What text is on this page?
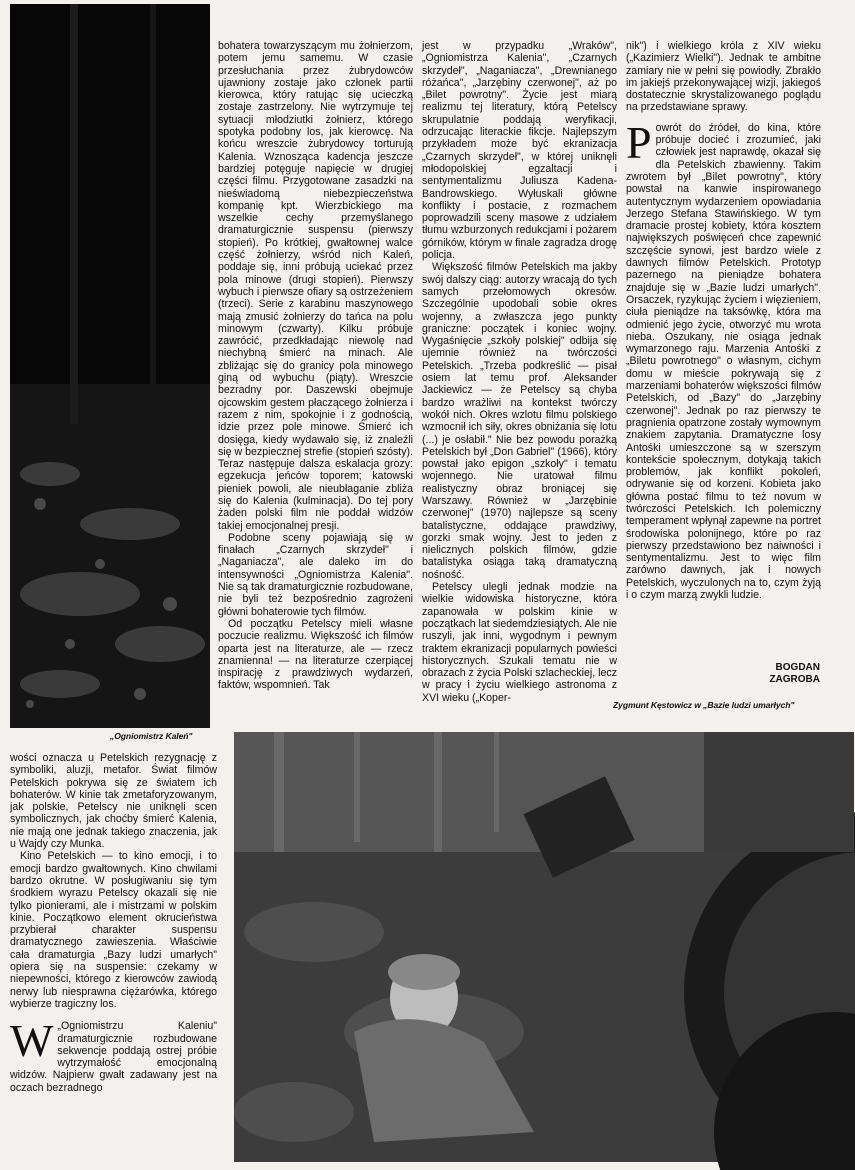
„Ogniomistrz Kaleń"

bohatera towarzyszącym mu żołnierzom, potem jemu samemu. W czasie przesłuchania przez żubrydowców ujawniony zostaje jako członek partii kierowca, który ratując się ucieczką zostaje zastrzelony. Nie wytrzymuje tej sytuacji młodziutki żołnierz, którego spotyka podobny los, jak kierowcę. Na końcu wreszcie żubrydowcy torturują Kalenia. Wznosząca kadencja jeszcze bardziej potęguje napięcie w drugiej części filmu. Przygotowane zasadzki na nieświadomą niebezpieczeństwa kompanię kpt. Wierzbickiego ma wszelkie cechy przemyślanego dramaturgicznie suspensu (pierwszy stopień). Po krótkiej, gwałtownej walce część żołnierzy, wśród nich Kaleń, poddaje się, inni próbują uciekać przez pola minowe (drugi stopień). Pierwszy wybuch i pierwsze ofiary są ostrzeżeniem (trzeci). Serie z karabinu maszynowego mają zmusić żołnierzy do tańca na polu minowym (czwarty). Kilku próbuje zawrócić, przedkładając niewolę nad niechybną śmierć na minach. Ale zbliżając się do granicy pola minowego giną od wybuchu (piąty). Wreszcie bezradny por. Daszewski obejmuje ojcowskim gestem płaczącego żołnierza i razem z nim, spokojnie i z godnością, idzie przez pole minowe. Śmierć ich dosięga, kiedy wydawało się, iż znaleźli się w bezpiecznej strefie (stopień szósty). Teraz następuje dalsza eskalacja grozy: egzekucja jeńców toporem; katowski pieniek powoli, ale nieubłaganie zbliża się do Kalenia (kulminacja). Do tej pory żaden polski film nie poddał widzów takiej emocjonalnej presji.

Podobne sceny pojawiają się w finałach „Czarnych skrzydeł" i „Naganiacza", ale daleko im do intensywności „Ogniomistrza Kalenia". Nie są tak dramaturgicznie rozbudowane, nie byli też bezpośrednio zagrożeni główni bohaterowie tych filmów.

Od początku Petelscy mieli własne poczucie realizmu. Większość ich filmów oparta jest na literaturze, ale — rzecz znamienna! — na literaturze czerpiącej inspirację z prawdziwych wydarzeń, faktów, wspomnień. Tak

jest w przypadku „Wraków", „Ogniomistrza Kalenia", „Czarnych skrzydeł", „Naganiacza", „Drewnianego różańca", „Jarzębiny czerwonej", aż po „Bilet powrotny". Życie jest miarą realizmu tej literatury, którą Petelscy skrupulatnie poddają weryfikacji, odrzucając literackie fikcje. Najlepszym przykładem może być ekranizacja „Czarnych skrzydeł", w której uniknęli młodopolskiej egzaltacji i sentymentalizmu Juliusza Kadena-Bandrowskiego. Wyłuskali główne konflikty i postacie, z rozmachem poprowadzili sceny masowe z udziałem tłumu wzburzonych redukcjami i pożarem górników, którym w finale zagradza drogę policja.

Większość filmów Petelskich ma jakby swój dalszy ciąg: autorzy wracają do tych samych przełomowych okresów. Szczególnie upodobali sobie okres wojenny, a zwłaszcza jego punkty graniczne: początek i koniec wojny. Wygaśnięcie „szkoły polskiej" odbija się ujemnie również na twórczości Petelskich. „Trzeba podkreślić — pisał osiem lat temu prof. Aleksander Jackiewicz — że Petelscy są chyba bardzo wrażliwi na kontekst twórczy wokół nich. Okres wzlotu filmu polskiego wzmocnił ich siły, okres obniżania się lotu (...) je osłabił." Nie bez powodu porażką Petelskich był „Don Gabriel" (1966), który powstał jako epigon „szkoły" i tematu wojennego. Nie uratował filmu realistyczny obraz broniącej się Warszawy. Również w „Jarzębinie czerwonej" (1970) najlepsze są sceny batalistyczne, oddające prawdziwy, gorzki smak wojny. Jest to jeden z nielicznych polskich filmów, gdzie batalistyka osiąga taką dramatyczną nośność.

Petelscy ulegli jednak modzie na wielkie widowiska historyczne, która zapanowała w polskim kinie w początkach lat siedemdziesiątych. Ale nie ruszyli, jak inni, wygodnym i pewnym traktem ekranizacji popularnych powieści historycznych. Szukali tematu nie w obrazach z życia Polski szlacheckiej, lecz w pracy i życiu wielkiego astronoma z XVI wieku („Koper-

nik") i wielkiego króla z XIV wieku („Kazimierz Wielki"). Jednak te ambitne zamiary nie w pełni się powiodły. Zbrakło im jakiejś przekonywającej wizji, jakiegoś dostatecznie skrystalizowanego poglądu na przedstawiane sprawy.

Powrót do źródeł, do kina, które próbuje docieć i zrozumieć, jaki człowiek jest naprawdę, okazał się dla Petelskich zbawienny. Takim zwrotem był „Bilet powrotny", który powstał na kanwie inspirowanego autentycznym wydarzeniem opowiadania Jerzego Stefana Stawińskiego. W tym dramacie prostej kobiety, która kosztem największych poświęceń chce zapewnić szczęście synowi, jest bardzo wiele z dawnych filmów Petelskich. Prototyp pazernego na pieniądze bohatera znajduje się w „Bazie ludzi umarłych". Orsaczek, ryzykując życiem i więzieniem, ciuła pieniądze na taksówkę, która ma odmienić jego życie, otworzyć mu wrota nieba. Oszukany, nie osiąga jednak wymarzonego raju. Marzenia Antośki z „Biletu powrotnego" o własnym, cichym domu w mieście pokrywają się z marzeniami bohaterów większości filmów Petelskich, od „Bazy" do „Jarzębiny czerwonej". Jednak po raz pierwszy te pragnienia opatrzone zostały wymownym znakiem zapytania. Dramatyczne losy Antośki umieszczone są w szerszym kontekście społecznym, dotykają takich problemów, jak konflikt pokoleń, odrywanie się od korzeni. Kobieta jako główna postać filmu to też novum w twórczości Petelskich. Ich polemiczny temperament wpłynął zapewne na portret środowiska polonijnego, które po raz pierwszy przedstawiono bez naiwności i sentymentalizmu. Jest to więc film zarówno dawnych, jak i nowych Petelskich, wyczulonych na to, czym żyją i o czym marzą zwykli ludzie.

BOGDAN
ZAGROBA
Zygmunt Kęstowicz w „Bazie ludzi umarłych"

wości oznacza u Petelskich rezygnację z symboliki, aluzji, metafor. Świat filmów Petelskich pokrywa się ze światem ich bohaterów. W kinie tak zmetaforyzowanym, jak polskie, Petelscy nie uniknęli scen symbolicznych, jak choćby śmierć Kalenia, nie mają one jednak takiego znaczenia, jak u Wajdy czy Munka.

Kino Petelskich — to kino emocji, i to emocji bardzo gwałtownych. Kino chwilami bardzo okrutne. W posługiwaniu się tym środkiem wyrazu Petelscy okazali się nie tylko pionierami, ale i mistrzami w polskim kinie. Początkowo element okrucieństwa przybierał charakter suspensu dramatycznego zawieszenia. Właściwie cała dramaturgia „Bazy ludzi umarłych" opiera się na suspensie: czekamy w niepewności, którego z kierowców zawiodą nerwy lub niesprawna ciężarówka, którego wybierze tragiczny los.

W „Ogniomistrzu Kaleniu" dramaturgicznie rozbudowane sekwencje poddają ostrej próbie wytrzymałość emocjonalną widzów. Najpierw gwałt zadawany jest na oczach bezradnego
